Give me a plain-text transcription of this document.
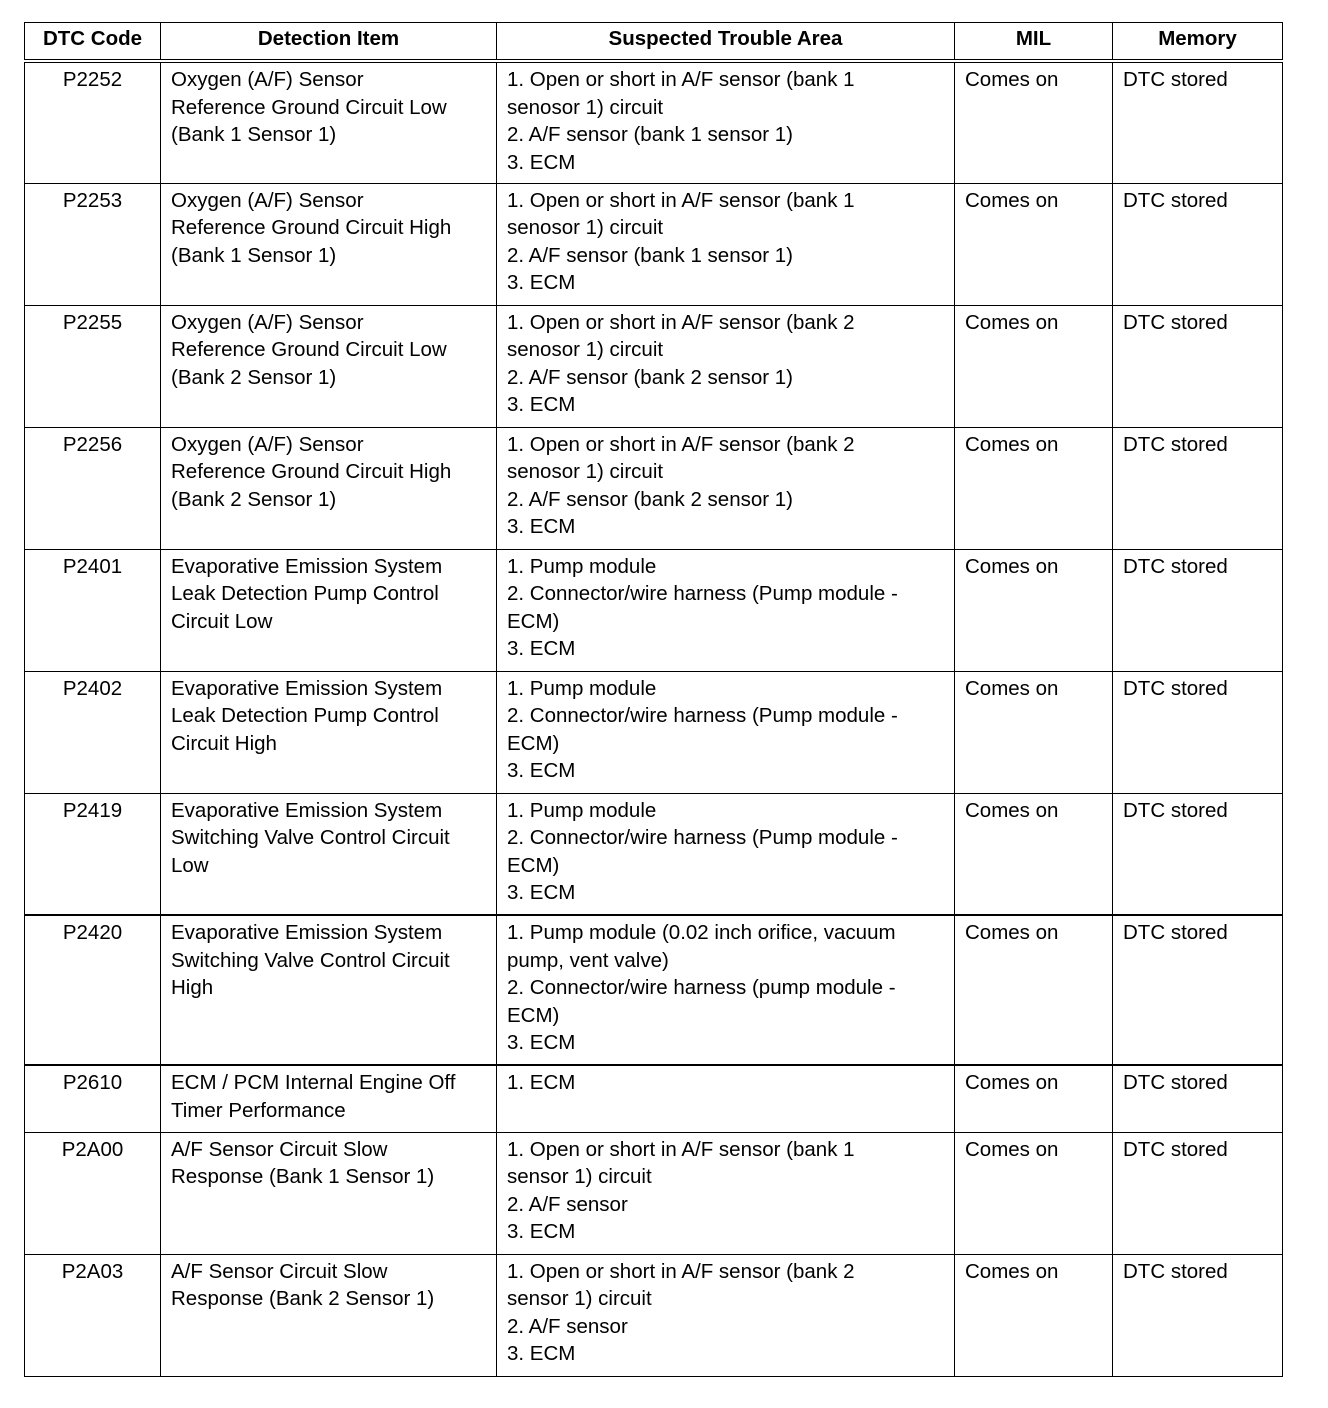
DTC Code	Detection Item	Suspected Trouble Area	MIL	Memory
P2252	Oxygen (A/F) Sensor
Reference Ground Circuit Low
(Bank 1 Sensor 1)	1. Open or short in A/F sensor (bank 1
senosor 1) circuit
2. A/F sensor (bank 1 sensor 1)
3. ECM	Comes on	DTC stored
P2253	Oxygen (A/F) Sensor
Reference Ground Circuit High
(Bank 1 Sensor 1)	1. Open or short in A/F sensor (bank 1
senosor 1) circuit
2. A/F sensor (bank 1 sensor 1)
3. ECM	Comes on	DTC stored
P2255	Oxygen (A/F) Sensor
Reference Ground Circuit Low
(Bank 2 Sensor 1)	1. Open or short in A/F sensor (bank 2
senosor 1) circuit
2. A/F sensor (bank 2 sensor 1)
3. ECM	Comes on	DTC stored
P2256	Oxygen (A/F) Sensor
Reference Ground Circuit High
(Bank 2 Sensor 1)	1. Open or short in A/F sensor (bank 2
senosor 1) circuit
2. A/F sensor (bank 2 sensor 1)
3. ECM	Comes on	DTC stored
P2401	Evaporative Emission System
Leak Detection Pump Control
Circuit Low	1. Pump module
2. Connector/wire harness (Pump module -
ECM)
3. ECM	Comes on	DTC stored
P2402	Evaporative Emission System
Leak Detection Pump Control
Circuit High	1. Pump module
2. Connector/wire harness (Pump module -
ECM)
3. ECM	Comes on	DTC stored
P2419	Evaporative Emission System
Switching Valve Control Circuit
Low	1. Pump module
2. Connector/wire harness (Pump module -
ECM)
3. ECM	Comes on	DTC stored
P2420	Evaporative Emission System
Switching Valve Control Circuit
High	1. Pump module (0.02 inch orifice, vacuum
pump, vent valve)
2. Connector/wire harness (pump module -
ECM)
3. ECM	Comes on	DTC stored
P2610	ECM / PCM Internal Engine Off
Timer Performance	1. ECM	Comes on	DTC stored
P2A00	A/F Sensor Circuit Slow
Response (Bank 1 Sensor 1)	1. Open or short in A/F sensor (bank 1
sensor 1) circuit
2. A/F sensor
3. ECM	Comes on	DTC stored
P2A03	A/F Sensor Circuit Slow
Response (Bank 2 Sensor 1)	1. Open or short in A/F sensor (bank 2
sensor 1) circuit
2. A/F sensor
3. ECM	Comes on	DTC stored
